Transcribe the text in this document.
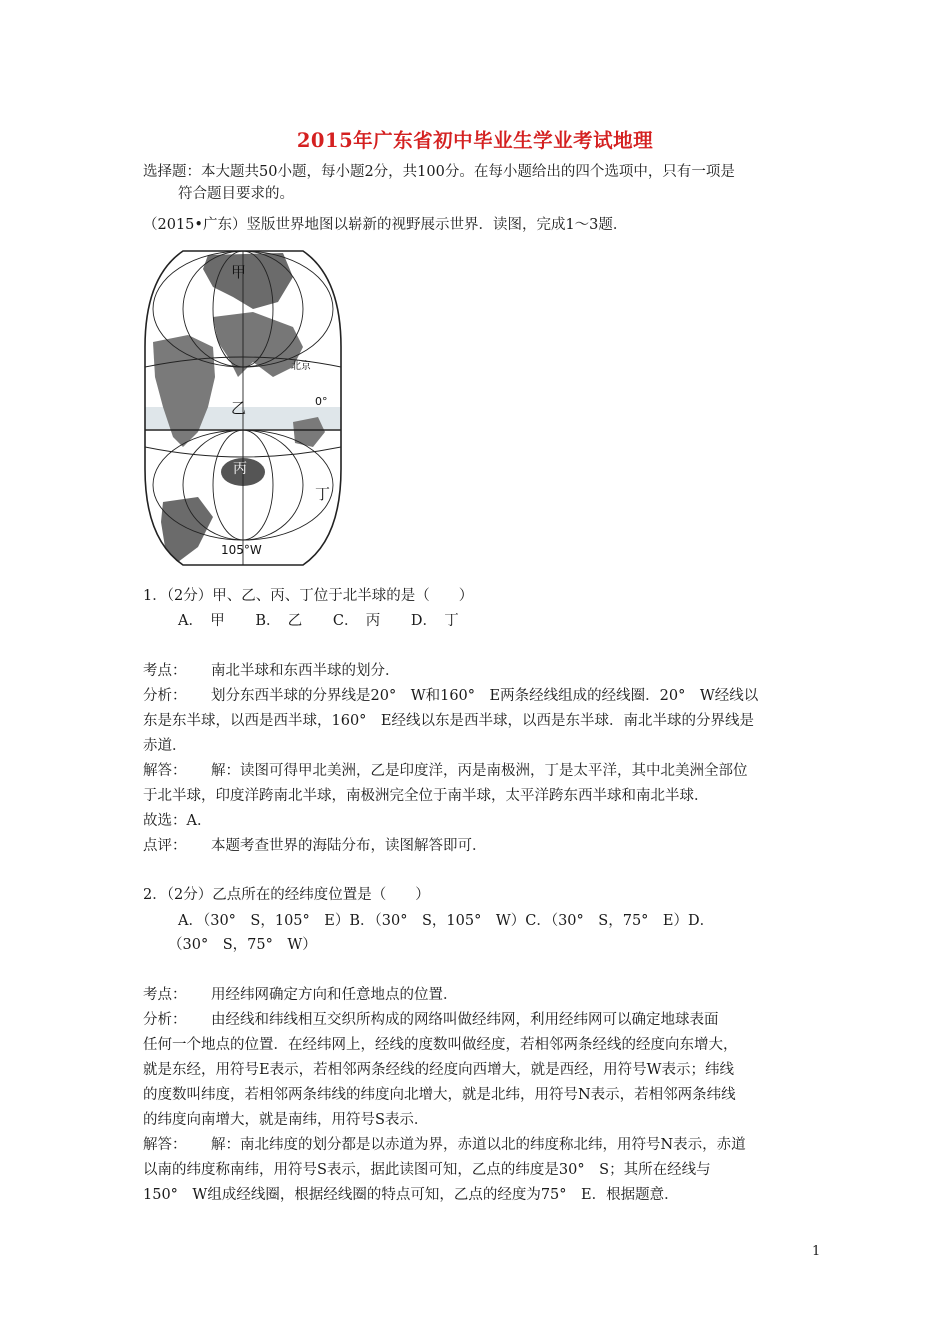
2015年广东省初中毕业生学业考试地理
选择题：本大题共50小题，每小题2分，共100分。在每小题给出的四个选项中，只有一项是
符合题目要求的。
（2015•广东）竖版世界地图以崭新的视野展示世界．读图，完成1～3题．
甲
乙
丙
丁
北京
0°
105°W
1．（2分）甲、乙、丙、丁位于北半球的是（　　）
A．　甲 B．　乙 C．　丙 D．　丁
考点： 南北半球和东西半球的划分．
分析： 划分东西半球的分界线是20°　W和160°　E两条经线组成的经线圈．20°　W经线以
东是东半球，以西是西半球，160°　E经线以东是西半球，以西是东半球．南北半球的分界线是
赤道．
解答： 解：读图可得甲北美洲，乙是印度洋，丙是南极洲，丁是太平洋，其中北美洲全部位
于北半球，印度洋跨南北半球，南极洲完全位于南半球，太平洋跨东西半球和南北半球．
故选：A．
点评： 本题考查世界的海陆分布，读图解答即可．
2．（2分）乙点所在的经纬度位置是（　　）
A．（30°　S，105°　E）B．（30°　S，105°　W）C．（30°　S，75°　E）D．
（30°　S，75°　W）
考点： 用经纬网确定方向和任意地点的位置．
分析： 由经线和纬线相互交织所构成的网络叫做经纬网，利用经纬网可以确定地球表面
任何一个地点的位置．在经纬网上，经线的度数叫做经度，若相邻两条经线的经度向东增大，
就是东经，用符号E表示，若相邻两条经线的经度向西增大，就是西经，用符号W表示；纬线
的度数叫纬度，若相邻两条纬线的纬度向北增大，就是北纬，用符号N表示，若相邻两条纬线
的纬度向南增大，就是南纬，用符号S表示．
解答： 解：南北纬度的划分都是以赤道为界，赤道以北的纬度称北纬，用符号N表示，赤道
以南的纬度称南纬，用符号S表示，据此读图可知，乙点的纬度是30°　S；其所在经线与
150°　W组成经线圈，根据经线圈的特点可知，乙点的经度为75°　E．根据题意．
1
